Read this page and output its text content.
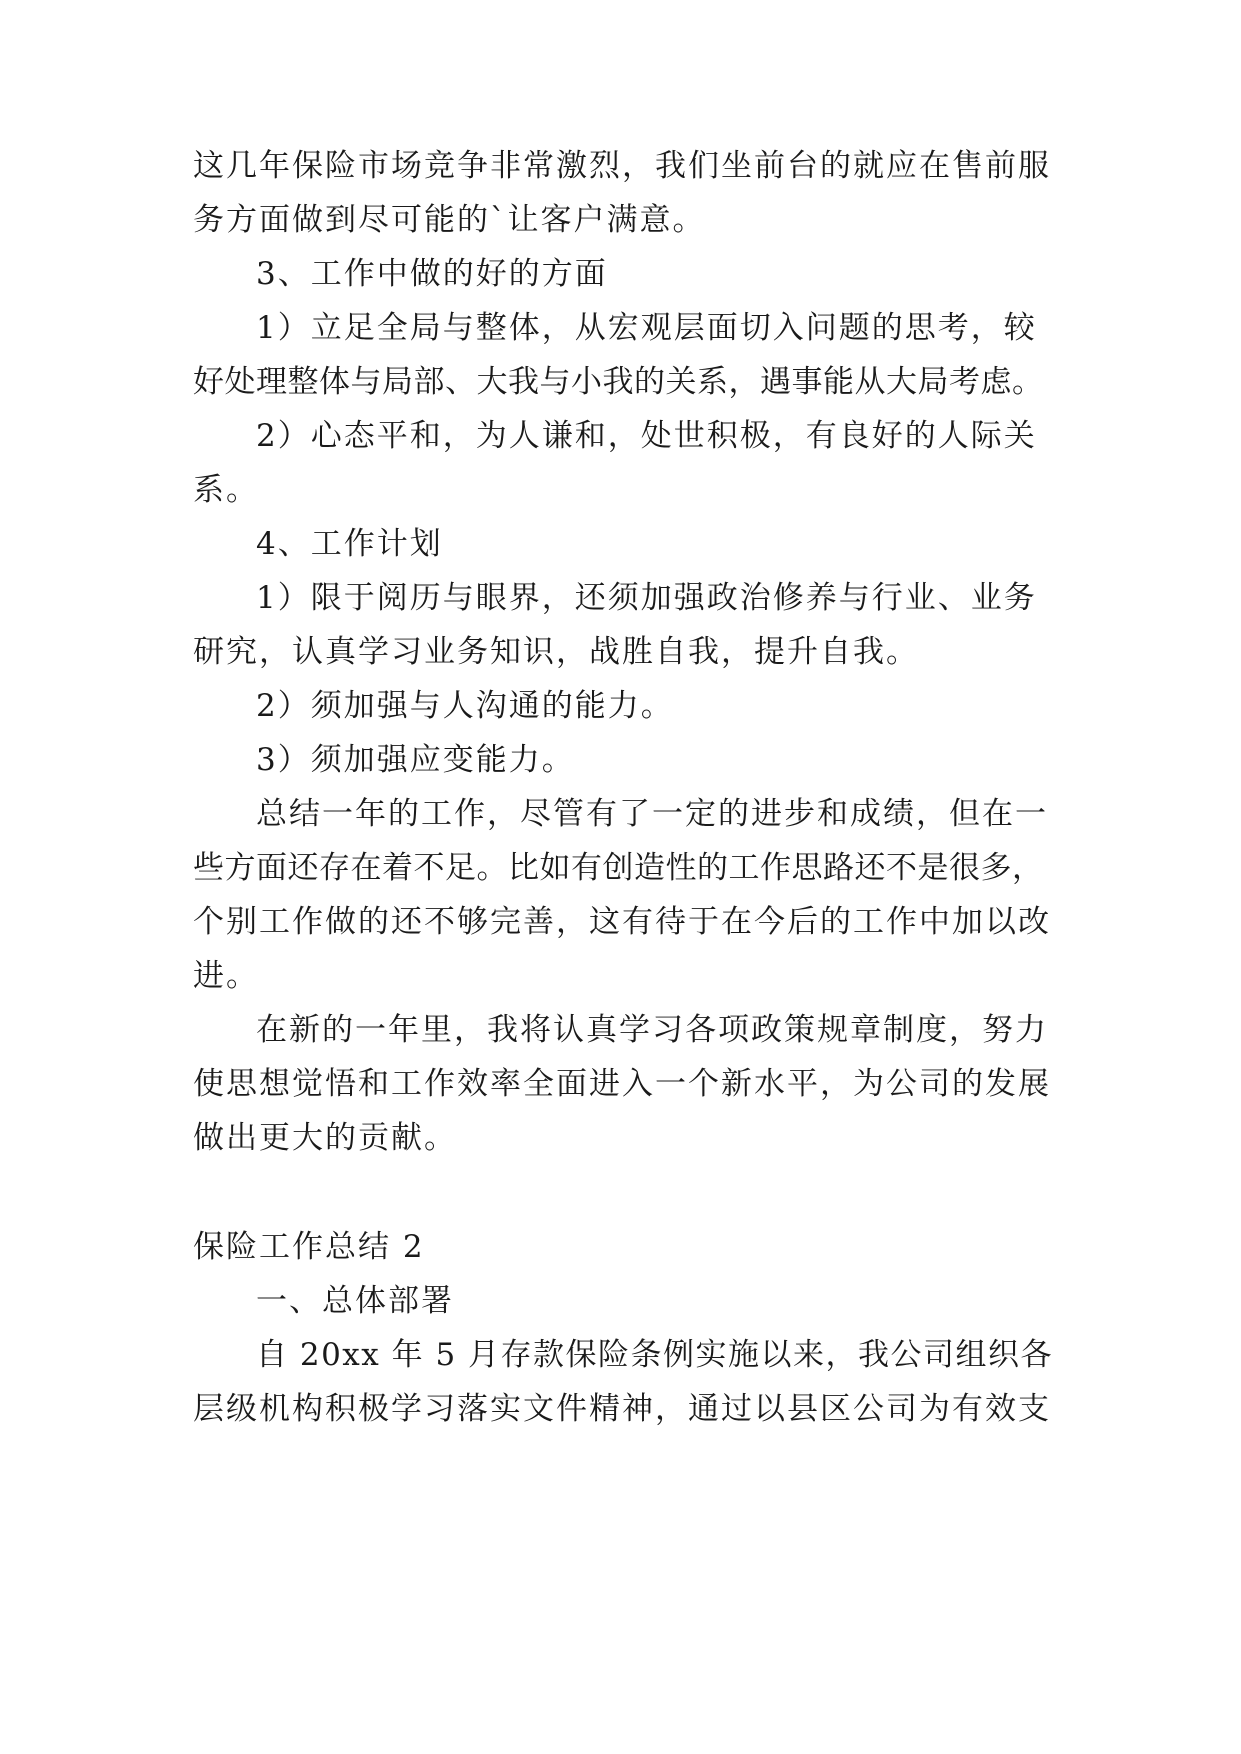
这几年保险市场竞争非常激烈，我们坐前台的就应在售前服
务方面做到尽可能的`让客户满意。
3、工作中做的好的方面
1）立足全局与整体，从宏观层面切入问题的思考，较
好处理整体与局部、大我与小我的关系，遇事能从大局考虑。
2）心态平和，为人谦和，处世积极，有良好的人际关
系。
4、工作计划
1）限于阅历与眼界，还须加强政治修养与行业、业务
研究，认真学习业务知识，战胜自我，提升自我。
2）须加强与人沟通的能力。
3）须加强应变能力。
总结一年的工作，尽管有了一定的进步和成绩，但在一
些方面还存在着不足。比如有创造性的工作思路还不是很多，
个别工作做的还不够完善，这有待于在今后的工作中加以改
进。
在新的一年里，我将认真学习各项政策规章制度，努力
使思想觉悟和工作效率全面进入一个新水平，为公司的发展
做出更大的贡献。
保险工作总结 2
一、总体部署
自 20xx 年 5 月存款保险条例实施以来，我公司组织各
层级机构积极学习落实文件精神，通过以县区公司为有效支
